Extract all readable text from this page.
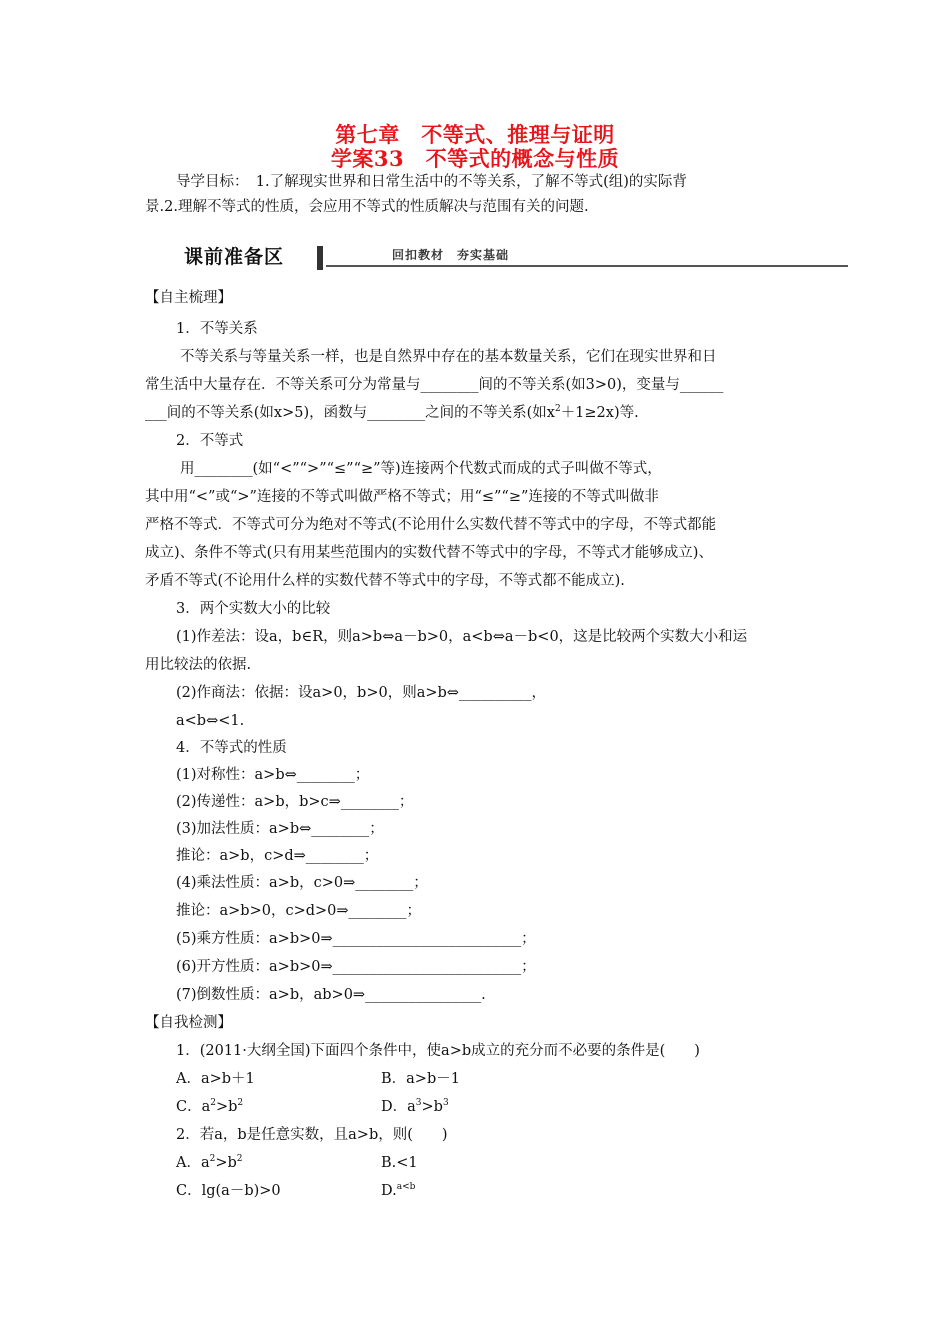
第七章　不等式、推理与证明
学案33　不等式的概念与性质
导学目标：　1.了解现实世界和日常生活中的不等关系，了解不等式(组)的实际背
景.2.理解不等式的性质，会应用不等式的性质解决与范围有关的问题.
课前准备区	回扣教材　夯实基础
【自主梳理】
1．不等关系
不等关系与等量关系一样，也是自然界中存在的基本数量关系，它们在现实世界和日
常生活中大量存在．不等关系可分为常量与________间的不等关系(如3>0)，变量与______
___间的不等关系(如x>5)，函数与________之间的不等关系(如$x^2+1\ge 2x$)等.
2．不等式
用________(如“<”“>”“≤”“≥”等)连接两个代数式而成的式子叫做不等式，
其中用“<”或“>”连接的不等式叫做严格不等式；用“≤”“≥”连接的不等式叫做非
严格不等式．不等式可分为绝对不等式(不论用什么实数代替不等式中的字母，不等式都能
成立)、条件不等式(只有用某些范围内的实数代替不等式中的字母，不等式才能够成立)、
矛盾不等式(不论用什么样的实数代替不等式中的字母，不等式都不能成立).
3．两个实数大小的比较
(1)作差法：设a，b∈R，则a>b⇔a－b>0，a<b⇔a－b<0，这是比较两个实数大小和运
用比较法的依据.
(2)作商法：依据：设a>0，b>0，则a>b⇔__________，
a<b⇔<1.
4．不等式的性质
(1)对称性：a>b⇔________；
(2)传递性：a>b，b>c⇒________；
(3)加法性质：a>b⇔________；
推论：a>b，c>d⇒________；
(4)乘法性质：a>b，c>0⇒________；
推论：a>b>0，c>d>0⇒________；
(5)乘方性质：a>b>0⇒__________________________；
(6)开方性质：a>b>0⇒__________________________；
(7)倒数性质：a>b，ab>0⇒________________.
【自我检测】
1．(2011·大纲全国)下面四个条件中，使a>b成立的充分而不必要的条件是(　　)
A．a>b＋1	B．a>b－1
C．$a^2>b^2$	D．$a^3>b^3$
2．若a，b是任意实数，且a>b，则(　　)
A．$a^2>b^2$	B.<1
C．lg(a－b)>0	D.$^{a<b}$
